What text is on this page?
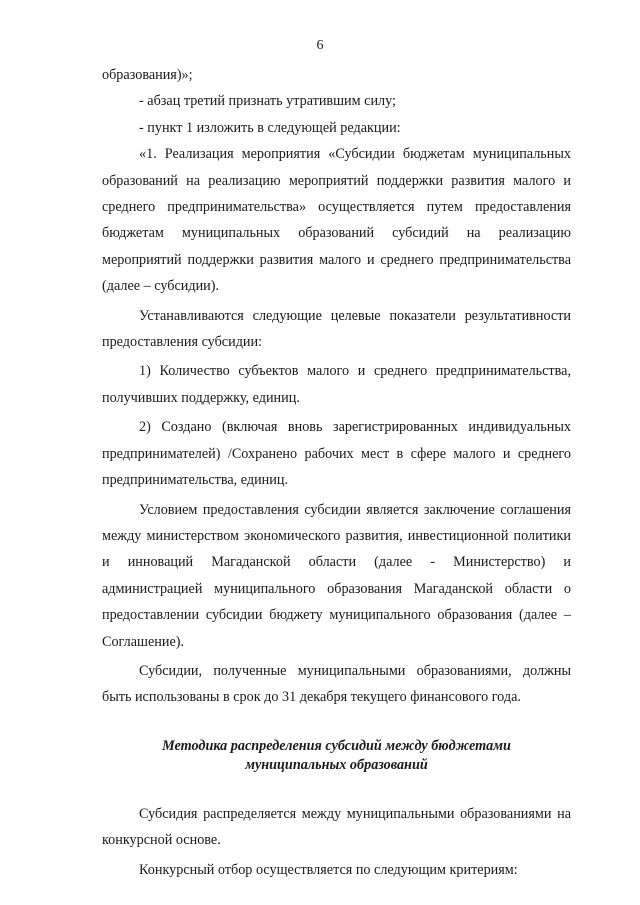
6

образования)»;

- абзац третий признать утратившим силу;

- пункт 1 изложить в следующей редакции:

«1. Реализация мероприятия «Субсидии бюджетам муниципальных образований на реализацию мероприятий поддержки развития малого и среднего предпринимательства» осуществляется путем предоставления бюджетам муниципальных образований субсидий на реализацию мероприятий поддержки развития малого и среднего предпринимательства (далее – субсидии).

Устанавливаются следующие целевые показатели результативности предоставления субсидии:

1) Количество субъектов малого и среднего предпринимательства, получивших поддержку, единиц.

2) Создано (включая вновь зарегистрированных индивидуальных предпринимателей) /Сохранено рабочих мест в сфере малого и среднего предпринимательства, единиц.

Условием предоставления субсидии является заключение соглашения между министерством экономического развития, инвестиционной политики и инноваций Магаданской области (далее - Министерство) и администрацией муниципального образования Магаданской области о предоставлении субсидии бюджету муниципального образования (далее – Соглашение).

Субсидии, полученные муниципальными образованиями, должны быть использованы в срок до 31 декабря текущего финансового года.

Методика распределения субсидий между бюджетами муниципальных образований

Субсидия распределяется между муниципальными образованиями на конкурсной основе.

Конкурсный отбор осуществляется по следующим критериям:
